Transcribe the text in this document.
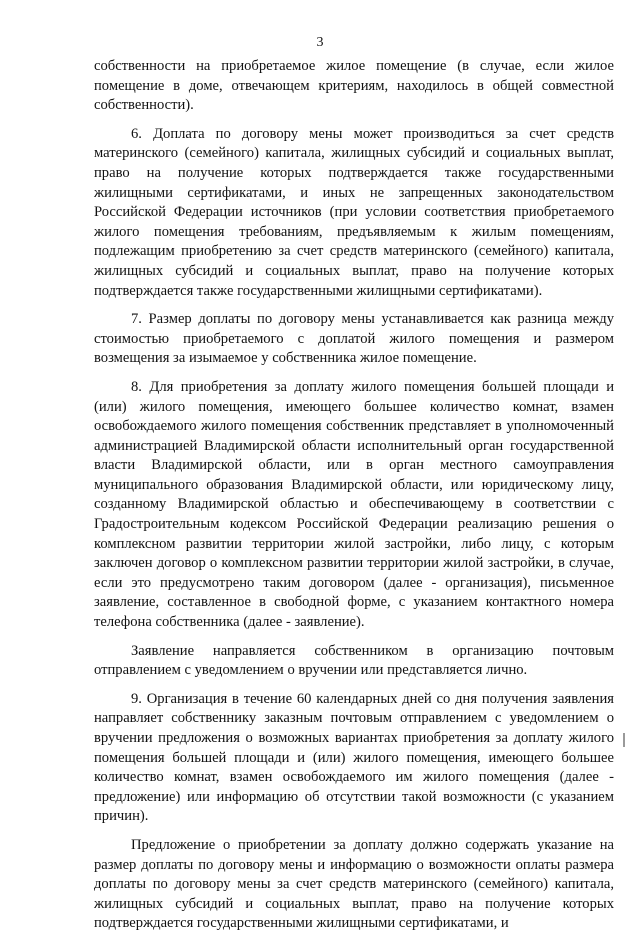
3

собственности на приобретаемое жилое помещение (в случае, если жилое помещение в доме, отвечающем критериям, находилось в общей совместной собственности).

6. Доплата по договору мены может производиться за счет средств материнского (семейного) капитала, жилищных субсидий и социальных выплат, право на получение которых подтверждается также государственными жилищными сертификатами, и иных не запрещенных законодательством Российской Федерации источников (при условии соответствия приобретаемого жилого помещения требованиям, предъявляемым к жилым помещениям, подлежащим приобретению за счет средств материнского (семейного) капитала, жилищных субсидий и социальных выплат, право на получение которых подтверждается также государственными жилищными сертификатами).

7. Размер доплаты по договору мены устанавливается как разница между стоимостью приобретаемого с доплатой жилого помещения и размером возмещения за изымаемое у собственника жилое помещение.

8. Для приобретения за доплату жилого помещения большей площади и (или) жилого помещения, имеющего большее количество комнат, взамен освобождаемого жилого помещения собственник представляет в уполномоченный администрацией Владимирской области исполнительный орган государственной власти Владимирской области, или в орган местного самоуправления муниципального образования Владимирской области, или юридическому лицу, созданному Владимирской областью и обеспечивающему в соответствии с Градостроительным кодексом Российской Федерации реализацию решения о комплексном развитии территории жилой застройки, либо лицу, с которым заключен договор о комплексном развитии территории жилой застройки, в случае, если это предусмотрено таким договором (далее - организация), письменное заявление, составленное в свободной форме, с указанием контактного номера телефона собственника (далее - заявление).

Заявление направляется собственником в организацию почтовым отправлением с уведомлением о вручении или представляется лично.

9. Организация в течение 60 календарных дней со дня получения заявления направляет собственнику заказным почтовым отправлением с уведомлением о вручении предложения о возможных вариантах приобретения за доплату жилого помещения большей площади и (или) жилого помещения, имеющего большее количество комнат, взамен освобождаемого им жилого помещения (далее - предложение) или информацию об отсутствии такой возможности (с указанием причин).

Предложение о приобретении за доплату должно содержать указание на размер доплаты по договору мены и информацию о возможности оплаты размера доплаты по договору мены за счет средств материнского (семейного) капитала, жилищных субсидий и социальных выплат, право на получение которых подтверждается государственными жилищными сертификатами, и
